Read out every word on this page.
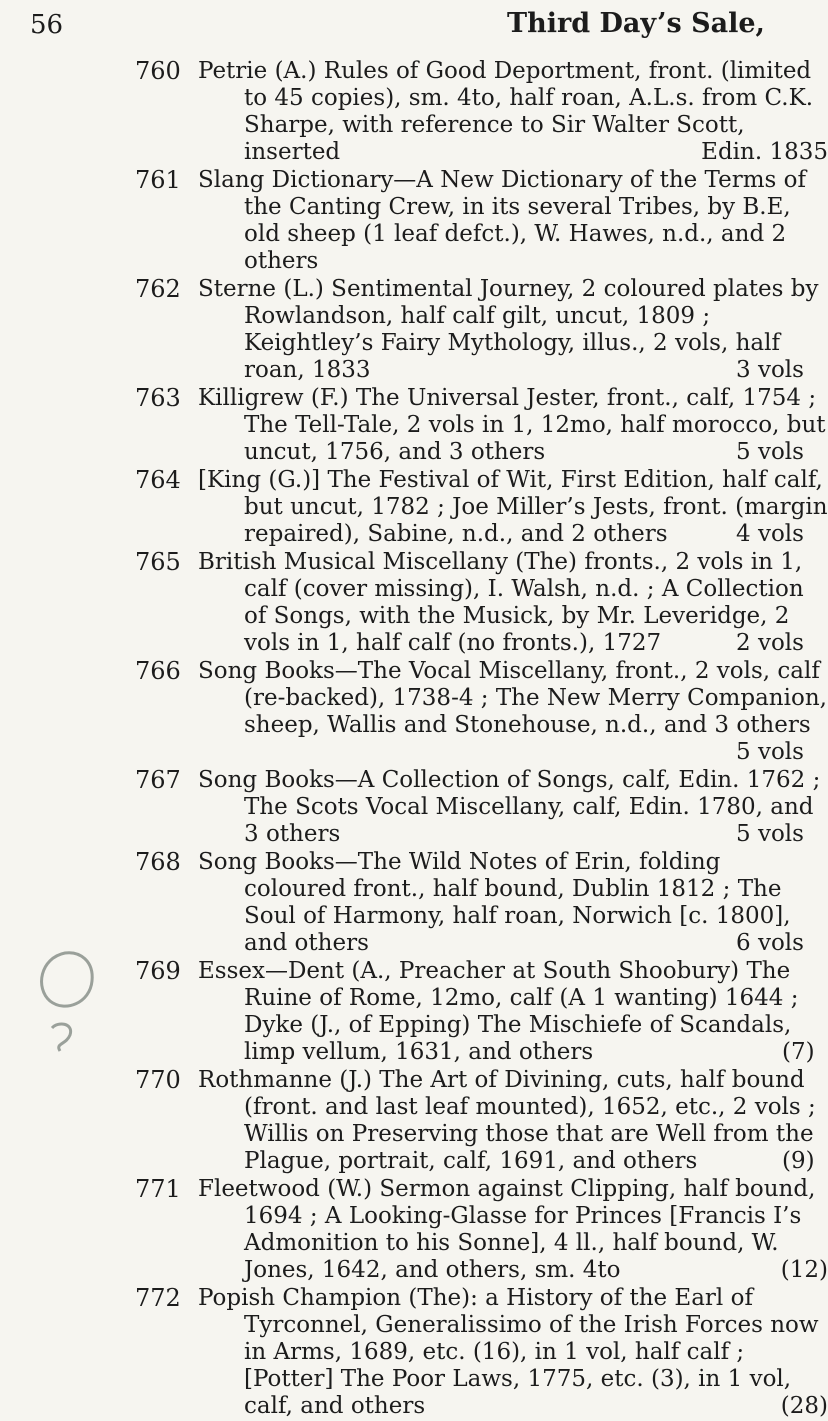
56	Third Day’s Sale,
760 Petrie (A.) Rules of Good Deportment, front. (limited to 45 copies), sm. 4to, half roan, A.L.s. from C.K. Sharpe, with reference to Sir Walter Scott, inserted	Edin. 1835

761 Slang Dictionary—A New Dictionary of the Terms of the Canting Crew, in its several Tribes, by B.E, old sheep (1 leaf defct.), W. Hawes, n.d., and 2 others

762 Sterne (L.) Sentimental Journey, 2 coloured plates by Rowlandson, half calf gilt, uncut, 1809 ; Keightley’s Fairy Mythology, illus., 2 vols, half roan, 1833	3 vols

763 Killigrew (F.) The Universal Jester, front., calf, 1754 ; The Tell-Tale, 2 vols in 1, 12mo, half morocco, but uncut, 1756, and 3 others	5 vols

764 [King (G.)] The Festival of Wit, First Edition, half calf, but uncut, 1782 ; Joe Miller’s Jests, front. (margin repaired), Sabine, n.d., and 2 others	4 vols

765 British Musical Miscellany (The) fronts., 2 vols in 1, calf (cover missing), I. Walsh, n.d. ; A Collection of Songs, with the Musick, by Mr. Leveridge, 2 vols in 1, half calf (no fronts.), 1727	2 vols

766 Song Books—The Vocal Miscellany, front., 2 vols, calf (re-backed), 1738-4 ; The New Merry Companion, sheep, Wallis and Stonehouse, n.d., and 3 others
5 vols

767 Song Books—A Collection of Songs, calf, Edin. 1762 ; The Scots Vocal Miscellany, calf, Edin. 1780, and 3 others	5 vols

768 Song Books—The Wild Notes of Erin, folding coloured front., half bound, Dublin 1812 ; The Soul of Harmony, half roan, Norwich [c. 1800], and others	6 vols

769 Essex—Dent (A., Preacher at South Shoobury) The Ruine of Rome, 12mo, calf (A 1 wanting) 1644 ; Dyke (J., of Epping) The Mischiefe of Scandals, limp vellum, 1631, and others	(7)

770 Rothmanne (J.) The Art of Divining, cuts, half bound (front. and last leaf mounted), 1652, etc., 2 vols ; Willis on Preserving those that are Well from the Plague, portrait, calf, 1691, and others	(9)

771 Fleetwood (W.) Sermon against Clipping, half bound, 1694 ; A Looking-Glasse for Princes [Francis I’s Admonition to his Sonne], 4 ll., half bound, W. Jones, 1642, and others, sm. 4to	(12)

772 Popish Champion (The): a History of the Earl of Tyrconnel, Generalissimo of the Irish Forces now in Arms, 1689, etc. (16), in 1 vol, half calf ; [Potter] The Poor Laws, 1775, etc. (3), in 1 vol, calf, and others	(28)
